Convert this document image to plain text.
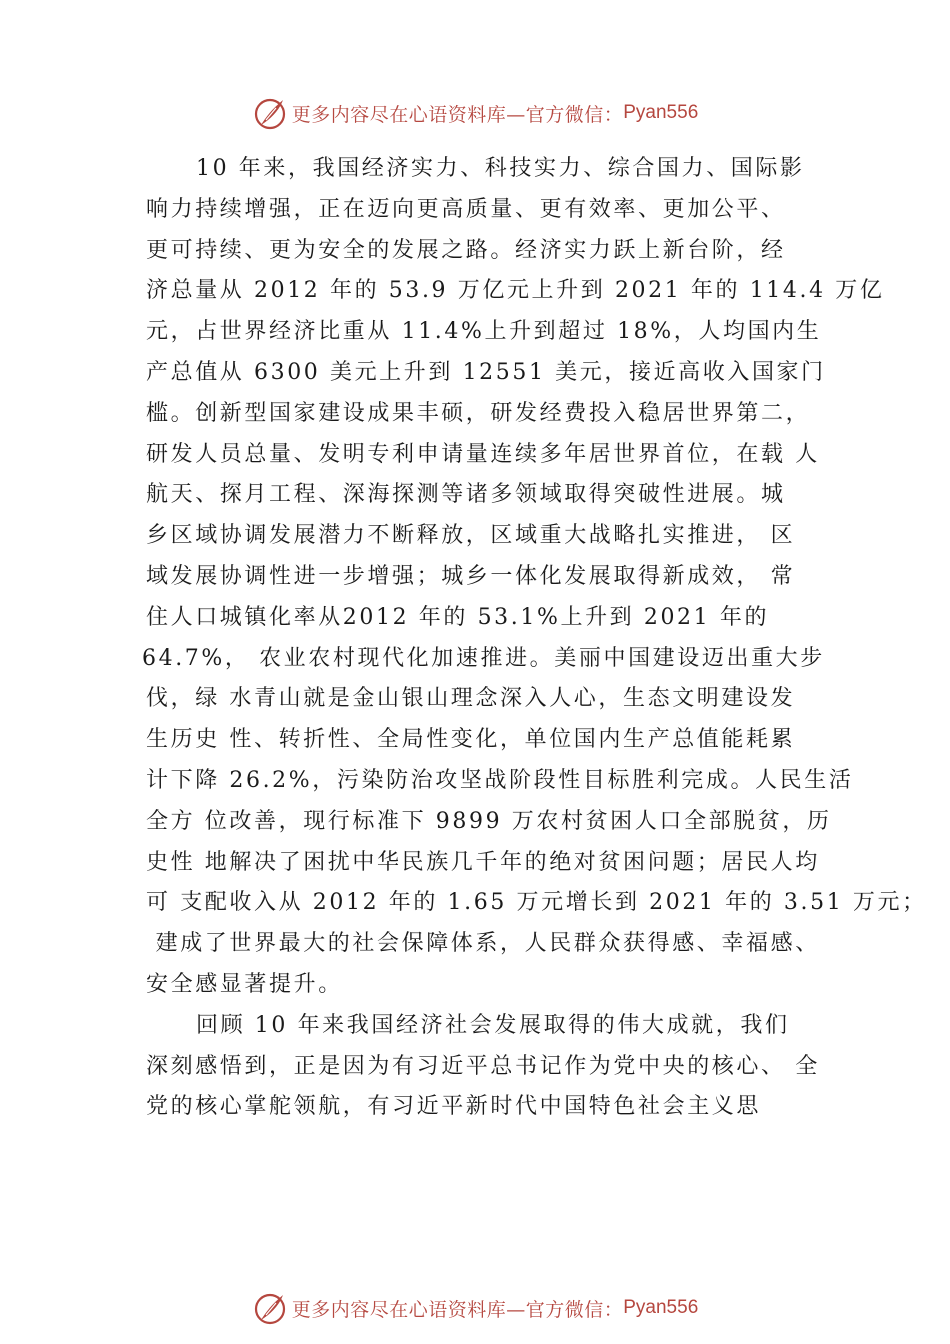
更多内容尽在心语资料库—官方微信： Pyan556
10 年来，我国经济实力、科技实力、综合国力、国际影
响力持续增强，正在迈向更高质量、更有效率、更加公平、
更可持续、更为安全的发展之路。经济实力跃上新台阶，经
济总量从 2012 年的 53.9 万亿元上升到 2021 年的 114.4 万亿
元，占世界经济比重从 11.4%上升到超过 18%，人均国内生
产总值从 6300 美元上升到 12551 美元，接近高收入国家门
槛。创新型国家建设成果丰硕，研发经费投入稳居世界第二，
研发人员总量、发明专利申请量连续多年居世界首位，在载 人
航天、探月工程、深海探测等诸多领域取得突破性进展。城
乡区域协调发展潜力不断释放，区域重大战略扎实推进， 区
域发展协调性进一步增强；城乡一体化发展取得新成效， 常
住人口城镇化率从2012 年的 53.1%上升到 2021 年的
64.7%， 农业农村现代化加速推进。美丽中国建设迈出重大步
伐，绿 水青山就是金山银山理念深入人心，生态文明建设发
生历史 性、转折性、全局性变化，单位国内生产总值能耗累
计下降 26.2%，污染防治攻坚战阶段性目标胜利完成。人民生活
全方 位改善，现行标准下 9899 万农村贫困人口全部脱贫，历
史性 地解决了困扰中华民族几千年的绝对贫困问题；居民人均
可 支配收入从 2012 年的 1.65 万元增长到 2021 年的 3.51 万元；
建成了世界最大的社会保障体系，人民群众获得感、幸福感、
安全感显著提升。
回顾 10 年来我国经济社会发展取得的伟大成就，我们
深刻感悟到，正是因为有习近平总书记作为党中央的核心、 全
党的核心掌舵领航，有习近平新时代中国特色社会主义思
更多内容尽在心语资料库—官方微信： Pyan556
